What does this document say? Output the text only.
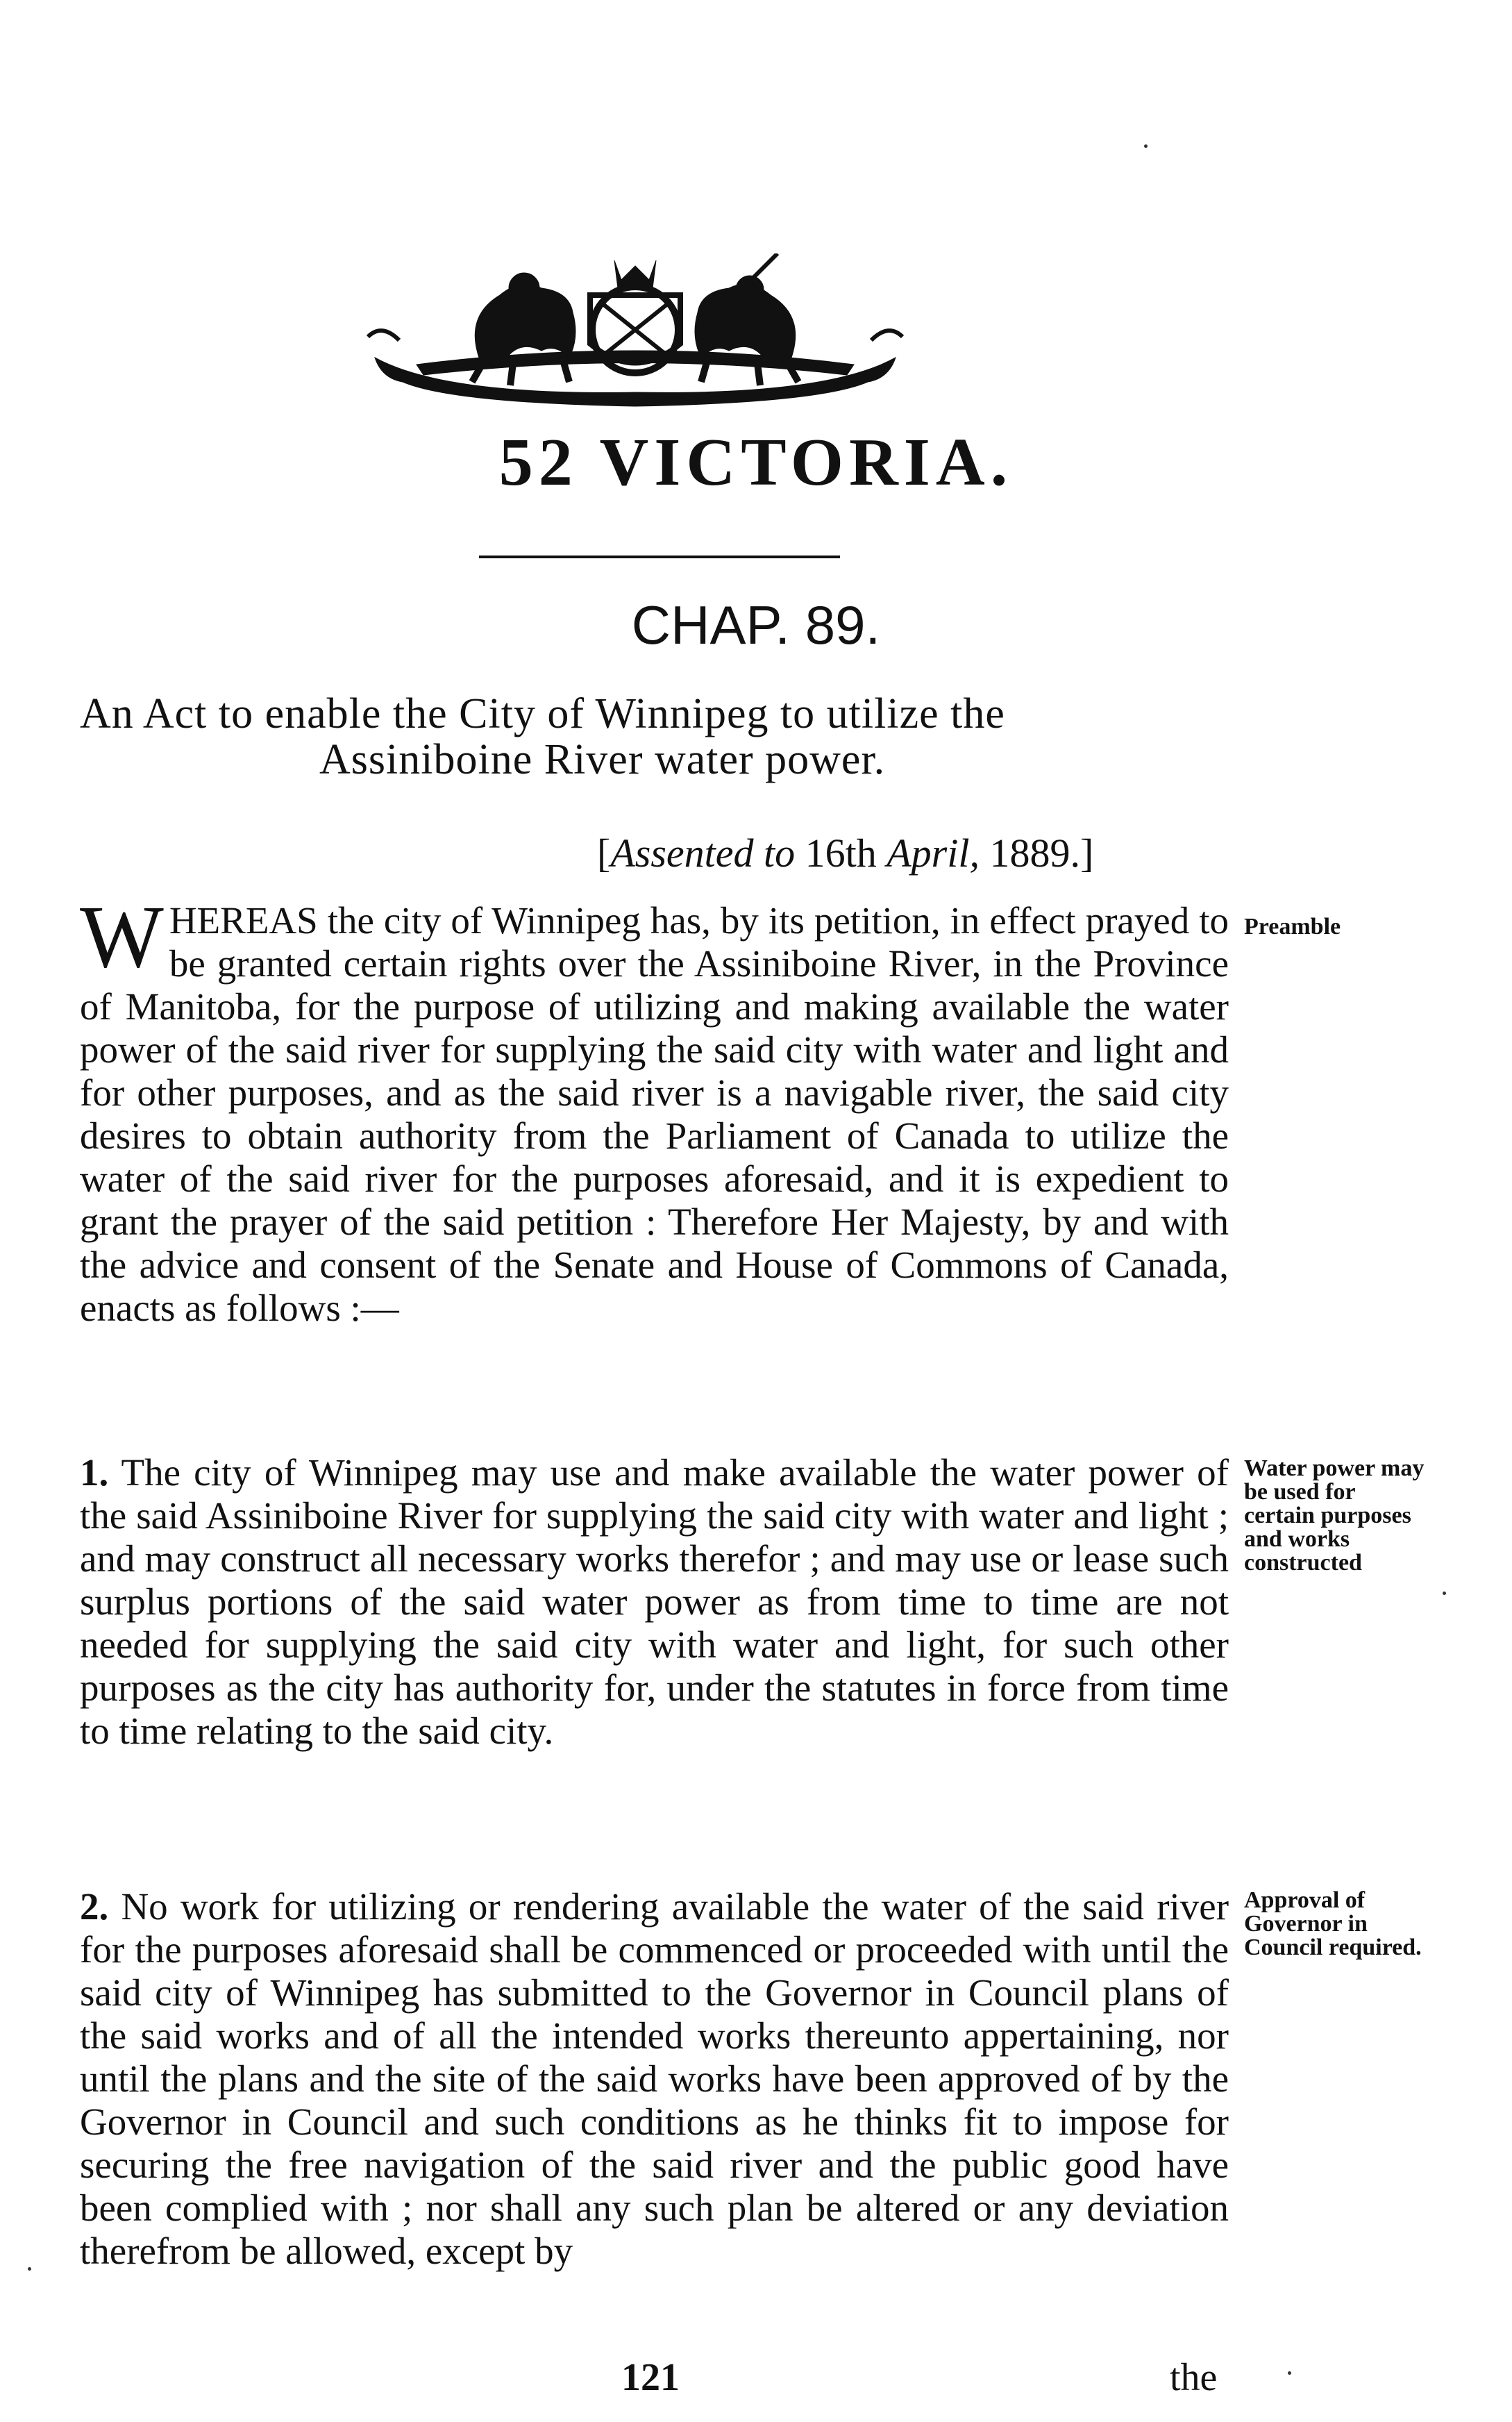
52 VICTORIA.
CHAP. 89.
An Act to enable the City of Winnipeg to utilize the
Assiniboine River water power.
[Assented to 16th April, 1889.]
WHEREAS the city of Winnipeg has, by its petition, in effect prayed to be granted certain rights over the Assiniboine River, in the Province of Manitoba, for the purpose of utilizing and making available the water power of the said river for supplying the said city with water and light and for other purposes, and as the said river is a navigable river, the said city desires to obtain authority from the Parliament of Canada to utilize the water of the said river for the purposes aforesaid, and it is expedient to grant the prayer of the said petition : Therefore Her Majesty, by and with the advice and consent of the Senate and House of Commons of Canada, enacts as follows :—
Preamble
1. The city of Winnipeg may use and make available the water power of the said Assiniboine River for supplying the said city with water and light ; and may construct all necessary works therefor ; and may use or lease such surplus portions of the said water power as from time to time are not needed for supplying the said city with water and light, for such other purposes as the city has authority for, under the statutes in force from time to time relating to the said city.
Water power may be used for certain purposes and works constructed
2. No work for utilizing or rendering available the water of the said river for the purposes aforesaid shall be commenced or proceeded with until the said city of Winnipeg has submitted to the Governor in Council plans of the said works and of all the intended works thereunto appertaining, nor until the plans and the site of the said works have been approved of by the Governor in Council and such conditions as he thinks fit to impose for securing the free navigation of the said river and the public good have been complied with ; nor shall any such plan be altered or any deviation therefrom be allowed, except by
Approval of Governor in Council required.
121	the
